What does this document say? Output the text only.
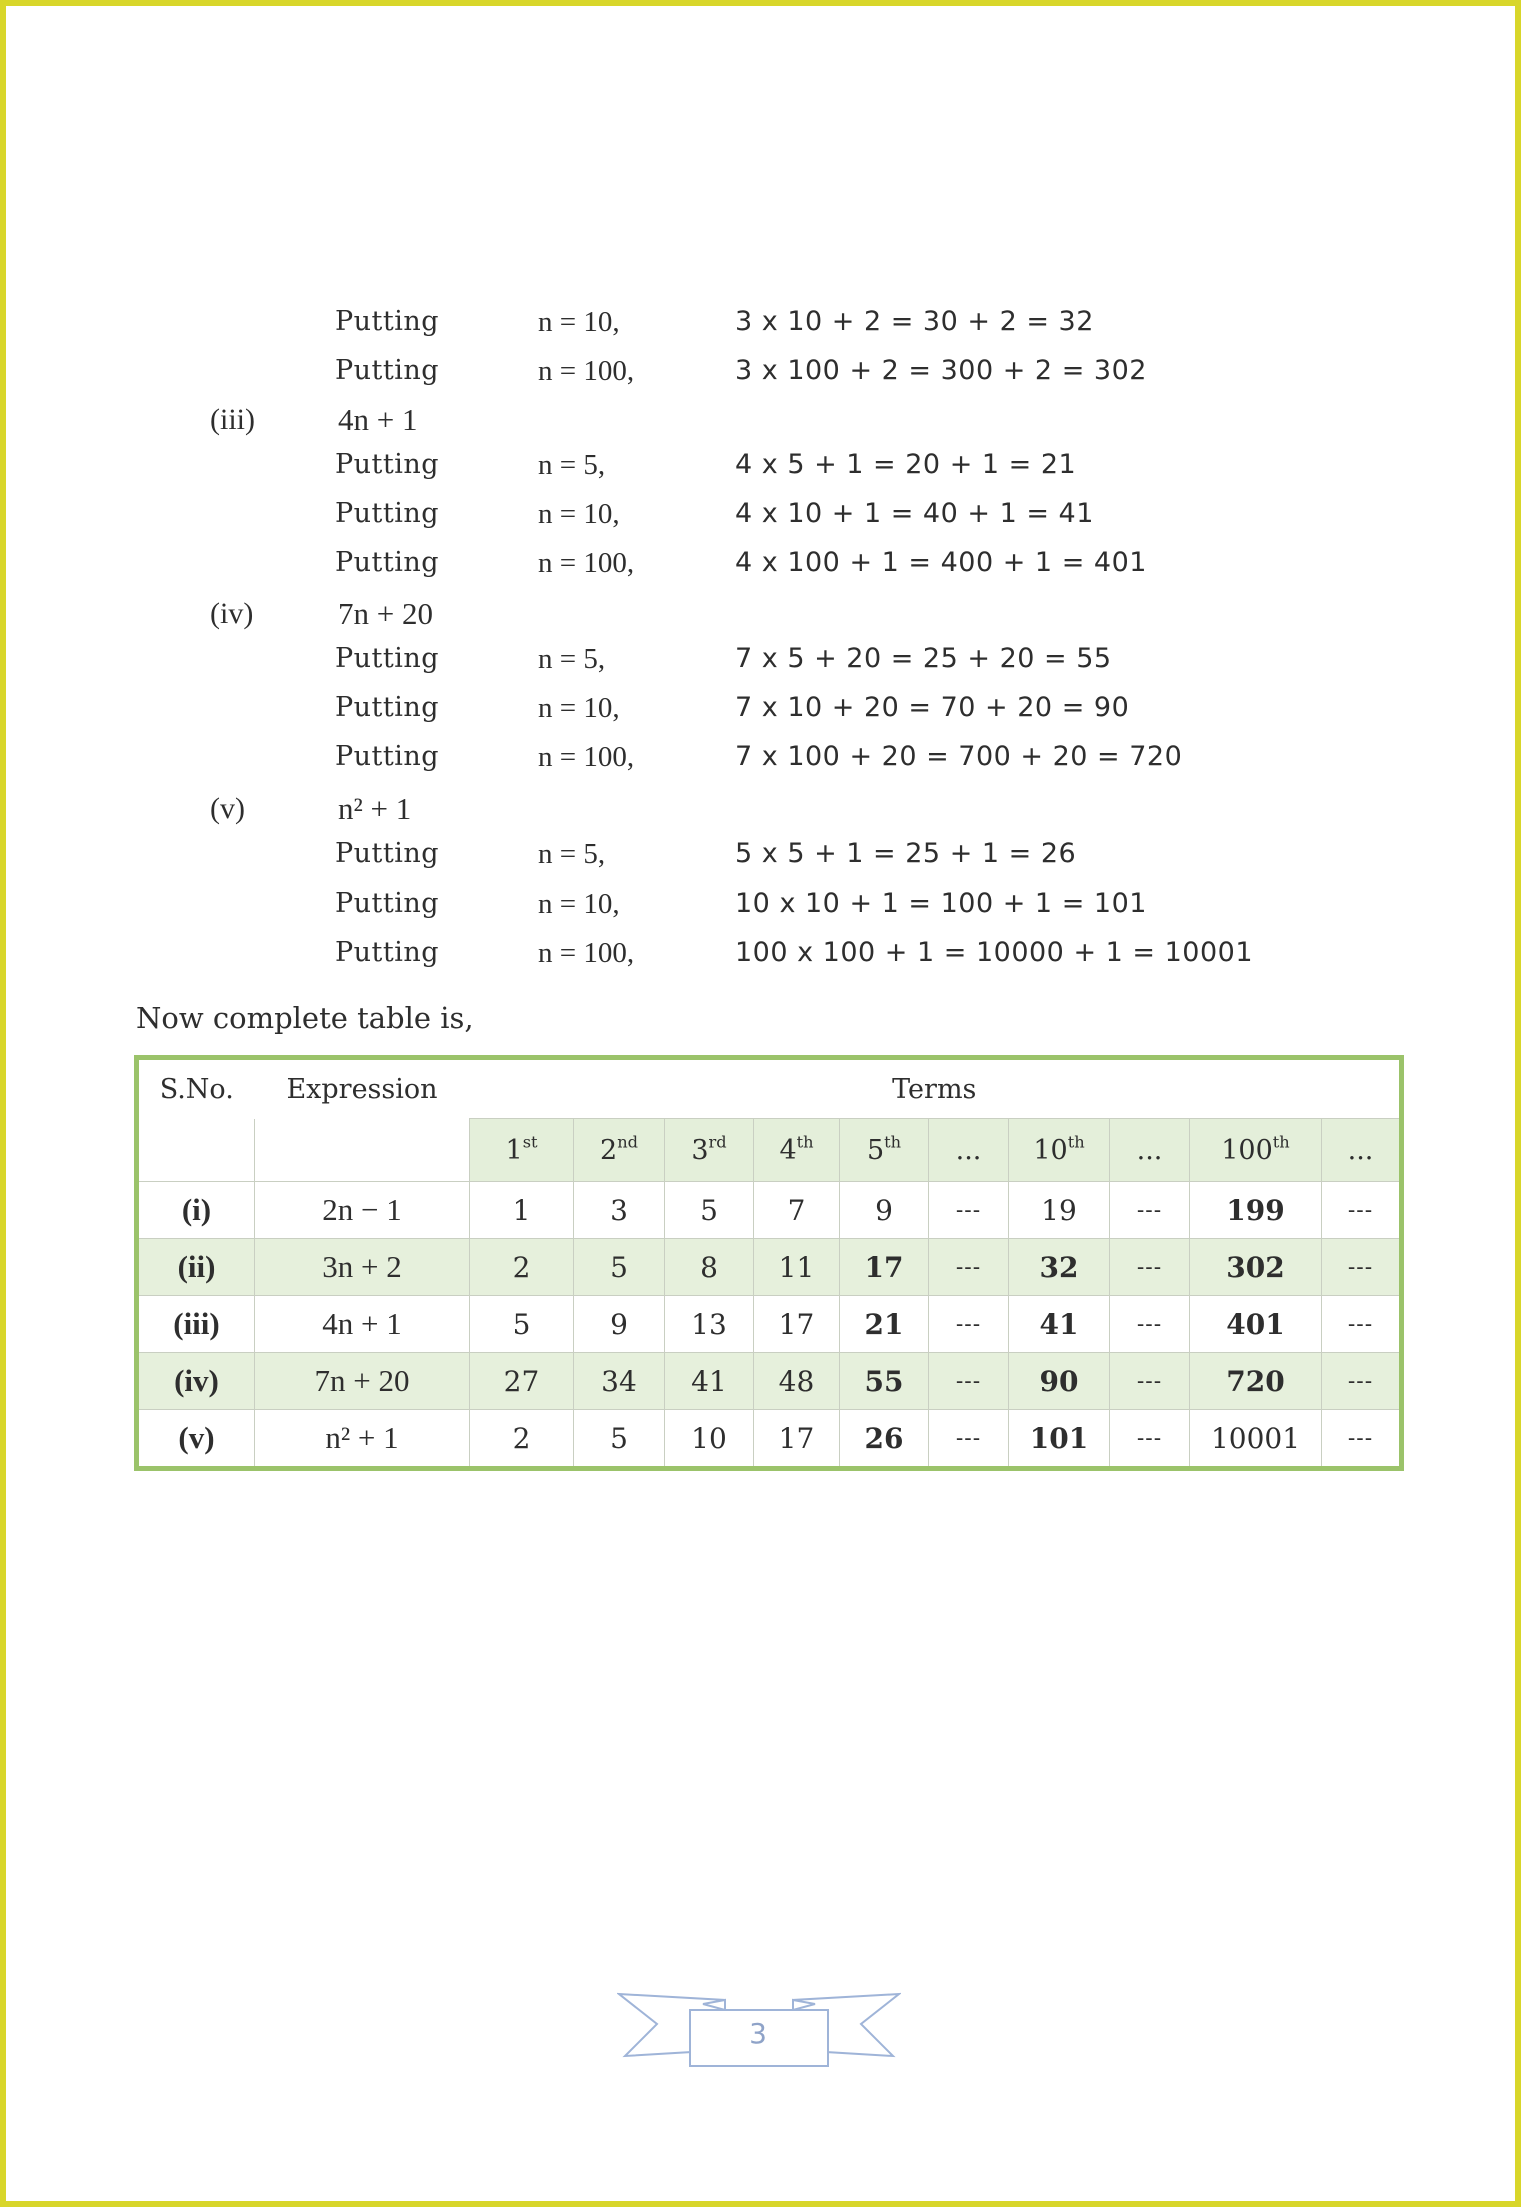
Putting	n = 10,	3 x 10 + 2 = 30 + 2 = 32
Putting	n = 100,	3 x 100 + 2 = 300 + 2 = 302
(iii)	4n + 1
Putting	n = 5,	4 x 5 + 1 = 20 + 1 = 21
Putting	n = 10,	4 x 10 + 1 = 40 + 1 = 41
Putting	n = 100,	4 x 100 + 1 = 400 + 1 = 401
(iv)	7n + 20
Putting	n = 5,	7 x 5 + 20 = 25 + 20 = 55
Putting	n = 10,	7 x 10 + 20 = 70 + 20 = 90
Putting	n = 100,	7 x 100 + 20 = 700 + 20 = 720
(v)	n² + 1
Putting	n = 5,	5 x 5 + 1 = 25 + 1 = 26
Putting	n = 10,	10 x 10 + 1 = 100 + 1 = 101
Putting	n = 100,	100 x 100 + 1 = 10000 + 1 = 10001
Now complete table is,
S.No.	Expression	Terms									
		1st	2nd	3rd	4th	5th	...	10th	...	100th	...
(i)	2n − 1	1	3	5	7	9	---	19	---	199	---
(ii)	3n + 2	2	5	8	11	17	---	32	---	302	---
(iii)	4n + 1	5	9	13	17	21	---	41	---	401	---
(iv)	7n + 20	27	34	41	48	55	---	90	---	720	---
(v)	n² + 1	2	5	10	17	26	---	101	---	10001	---
3
